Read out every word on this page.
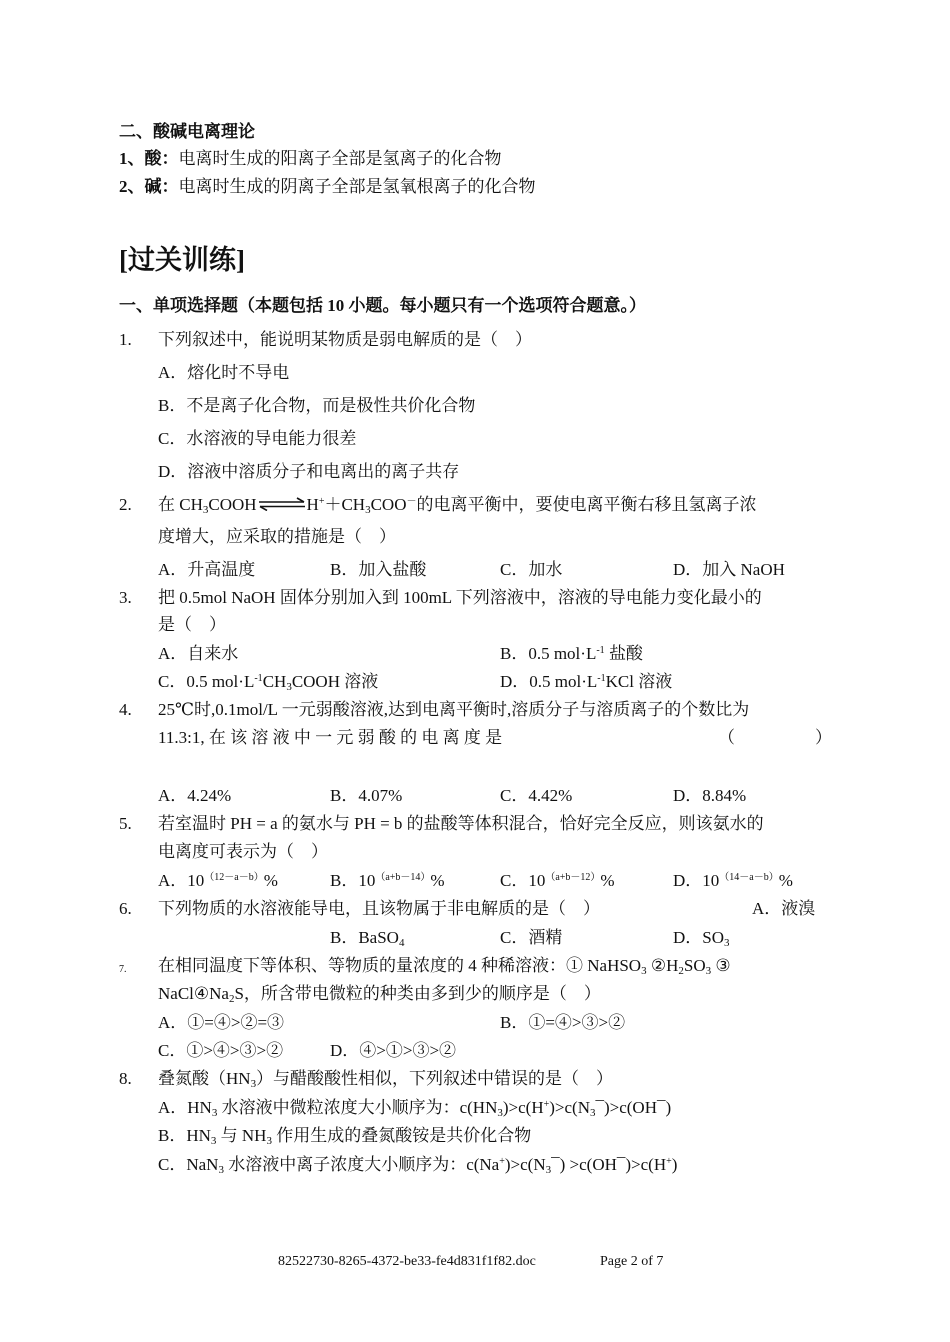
二、酸碱电离理论
1、酸：电离时生成的阳离子全部是氢离子的化合物
2、碱：电离时生成的阴离子全部是氢氧根离子的化合物
[过关训练]
一、单项选择题（本题包括 10 小题。每小题只有一个选项符合题意。）
1. 下列叙述中，能说明某物质是弱电解质的是（　）
A．熔化时不导电
B．不是离子化合物，而是极性共价化合物
C．水溶液的导电能力很差
D．溶液中溶质分子和电离出的离子共存
2. 在 $CH_3COOH\rightleftharpoons H^++CH_3COO^-$的电离平衡中，要使电离平衡右移且氢离子浓
度增大，应采取的措施是（　）
A．升高温度	B．加入盐酸	C．加水	D．加入 NaOH
3. 把 0.5mol NaOH 固体分别加入到 100mL 下列溶液中，溶液的导电能力变化最小的
是（　）
A．自来水	B．0.5 $mol\cdot L^{-1}$ 盐酸
C．0.5 $mol\cdot L^{-1}CH_3COOH$ 溶液	D．0.5 $mol\cdot L^{-1}KCl$ 溶液
4. 25℃时,0.1mol/L 一元弱酸溶液,达到电离平衡时,溶质分子与溶质离子的个数比为
11.3:1, 在 该 溶 液 中 一 元 弱 酸 的 电 离 度 是	（	）
A．4.24%	B．4.07%	C．4.42%	D．8.84%
5. 若室温时 PH = a 的氨水与 PH = b 的盐酸等体积混合，恰好完全反应，则该氨水的
电离度可表示为（　）
A．$10^{(12-a-b)}\%$	B．$10^{(a+b-14)}\%$	C．$10^{(a+b-12)}\%$	D．$10^{(14-a-b)}\%$
6. 下列物质的水溶液能导电，且该物属于非电解质的是（　）	A．液溴
B．BaSO$_4$	C．酒精	D．$SO_3$
7. 在相同温度下等体积、等物质的量浓度的 4 种稀溶液：① NaHSO$_3$ $②H_2SO_3$ ③
$NaCl④Na_2S$，所含带电微粒的种类由多到少的顺序是（　）
A．①=④>②=③	B．①=④>③>②
C．①>④>③>②	D．④>①>③>②
8. 叠氮酸$(HN_3)$与醋酸酸性相似，下列叙述中错误的是（　）
A．$HN_3$ 水溶液中微粒浓度大小顺序为：$c(HN_3)>c(H^+)>c(N_3¯)>c(OH¯)$
B．$HN_3$ 与 $NH_3$ 作用生成的叠氮酸铵是共价化合物
C．NaN$_3$ 水溶液中离子浓度大小顺序为：$c(Na^+)>c(N_3¯)$ >c(OH¯)>c(H+)
82522730-8265-4372-be33-fe4d831f1f82.doc	Page 2 of 7
